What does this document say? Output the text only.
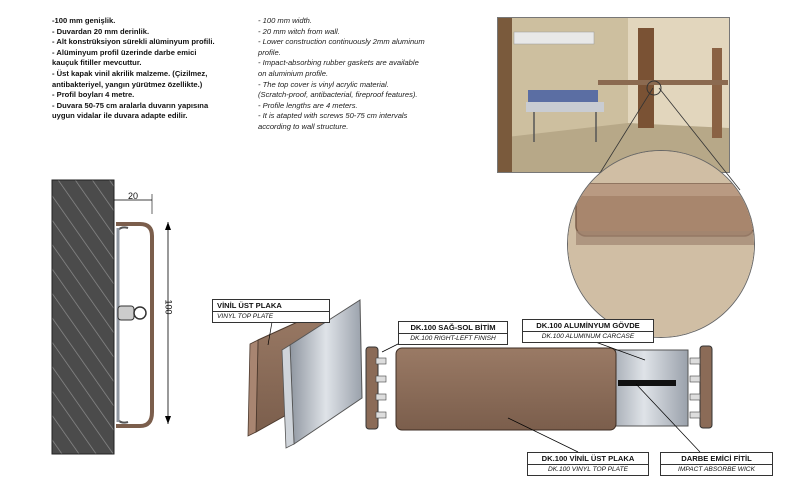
-100 mm genişlik.
- Duvardan 20 mm derinlik.
- Alt konstrüksiyon sürekli alüminyum profili.
- Alüminyum profil üzerinde darbe emici
kauçuk fitiller mevcuttur.
- Üst kapak vinil akrilik malzeme. (Çizilmez,
antibakteriyel, yangın yürütmez özellikte.)
- Profil boyları 4 metre.
- Duvara 50-75 cm aralarla duvarın yapısına
uygun vidalar ile duvara adapte edilir.
- 100 mm width.
- 20 mm witch from wall.
- Lower construction continuously 2mm aluminum
profile.
- Impact-absorbing rubber gaskets are available
on aluminium profile.
- The top cover is vinyl acrylic material.
(Scratch-proof, antibacterial, fireproof features).
- Profile lengths are 4 meters.
- It is atapted with screws 50-75 cm intervals
according to wall structure.
20
100	VİNİL ÜST PLAKA
VINYL TOP PLATE
DK.100 SAĞ-SOL BİTİM
DK.100 RIGHT-LEFT FINISH
DK.100 ALUMİNYUM GÖVDE
DK.100 ALUMINUM CARCASE
DK.100 VİNİL ÜST PLAKA
DK.100 VINYL TOP PLATE
DARBE EMİCİ FİTİL
IMPACT ABSORBE WICK
